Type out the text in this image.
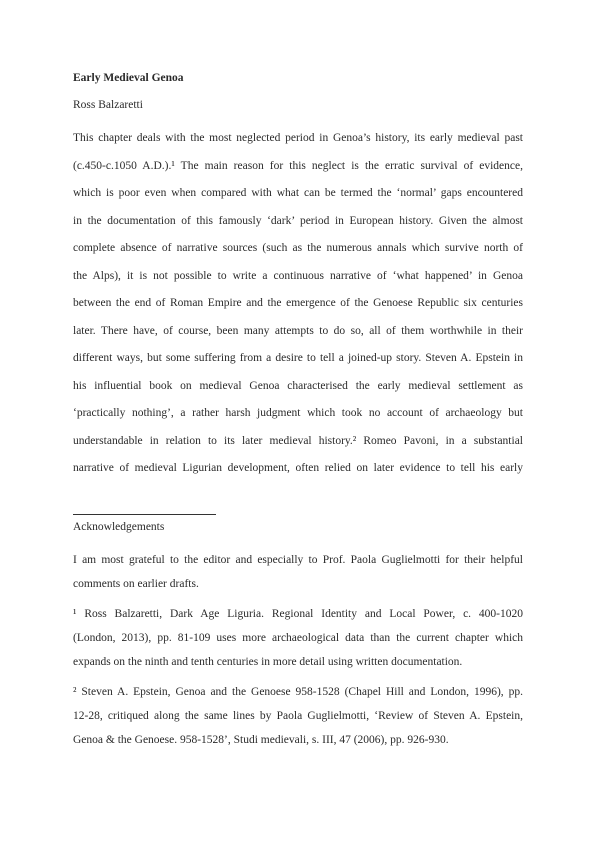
Early Medieval Genoa
Ross Balzaretti
This chapter deals with the most neglected period in Genoa’s history, its early medieval past
(c.450-c.1050 A.D.).¹ The main reason for this neglect is the erratic survival of evidence,
which is poor even when compared with what can be termed the ‘normal’ gaps encountered
in the documentation of this famously ‘dark’ period in European history. Given the almost
complete absence of narrative sources (such as the numerous annals which survive north of
the Alps), it is not possible to write a continuous narrative of ‘what happened’ in Genoa
between the end of Roman Empire and the emergence of the Genoese Republic six centuries
later. There have, of course, been many attempts to do so, all of them worthwhile in their
different ways, but some suffering from a desire to tell a joined-up story. Steven A. Epstein in
his influential book on medieval Genoa characterised the early medieval settlement as
‘practically nothing’, a rather harsh judgment which took no account of archaeology but
understandable in relation to its later medieval history.² Romeo Pavoni, in a substantial
narrative of medieval Ligurian development, often relied on later evidence to tell his early
Acknowledgements
I am most grateful to the editor and especially to Prof. Paola Guglielmotti for their helpful
comments on earlier drafts.
¹ Ross Balzaretti, Dark Age Liguria. Regional Identity and Local Power, c. 400-1020
(London, 2013), pp. 81-109 uses more archaeological data than the current chapter which
expands on the ninth and tenth centuries in more detail using written documentation.
² Steven A. Epstein, Genoa and the Genoese 958-1528 (Chapel Hill and London, 1996), pp.
12-28, critiqued along the same lines by Paola Guglielmotti, ‘Review of Steven A. Epstein,
Genoa & the Genoese. 958-1528’, Studi medievali, s. III, 47 (2006), pp. 926-930.
